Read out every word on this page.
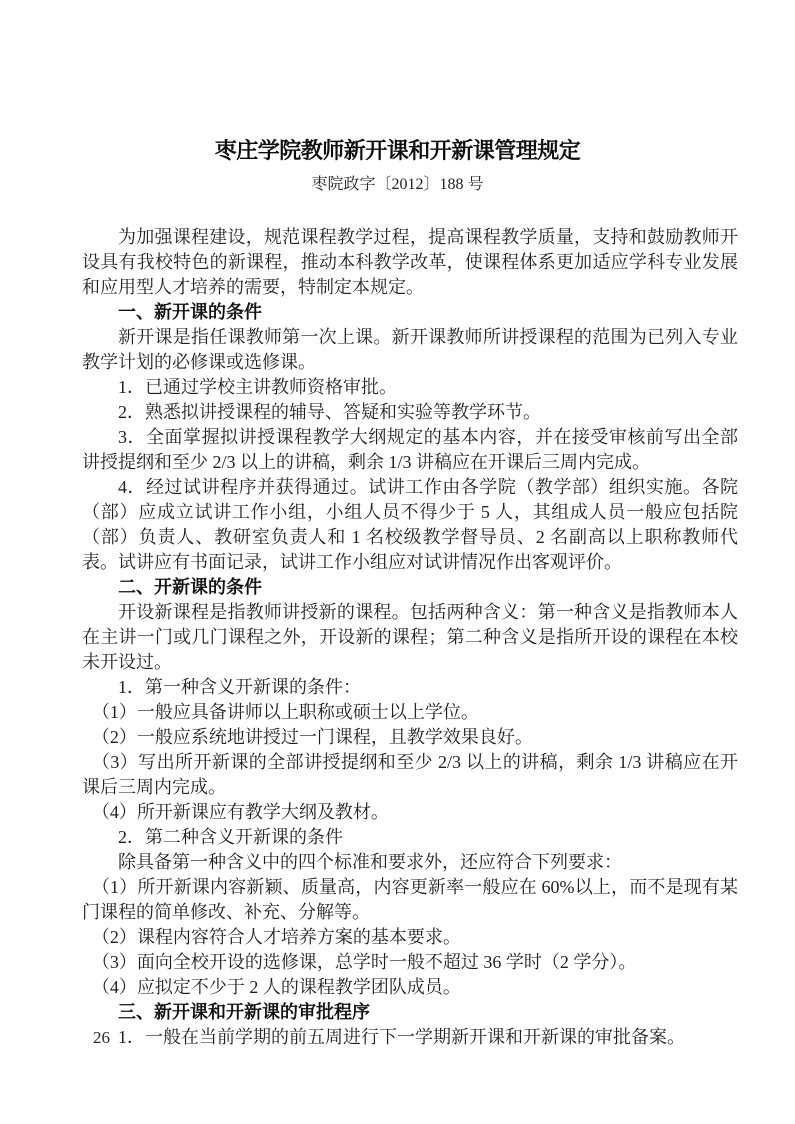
枣庄学院教师新开课和开新课管理规定
枣院政字〔2012〕188 号
为加强课程建设，规范课程教学过程，提高课程教学质量，支持和鼓励教师开设具有我校特色的新课程，推动本科教学改革，使课程体系更加适应学科专业发展和应用型人才培养的需要，特制定本规定。
一、新开课的条件
新开课是指任课教师第一次上课。新开课教师所讲授课程的范围为已列入专业教学计划的必修课或选修课。
1．已通过学校主讲教师资格审批。
2．熟悉拟讲授课程的辅导、答疑和实验等教学环节。
3．全面掌握拟讲授课程教学大纲规定的基本内容，并在接受审核前写出全部讲授提纲和至少 2/3 以上的讲稿，剩余 1/3 讲稿应在开课后三周内完成。
4．经过试讲程序并获得通过。试讲工作由各学院（教学部）组织实施。各院（部）应成立试讲工作小组，小组人员不得少于 5 人，其组成人员一般应包括院（部）负责人、教研室负责人和 1 名校级教学督导员、2 名副高以上职称教师代表。试讲应有书面记录，试讲工作小组应对试讲情况作出客观评价。
二、开新课的条件
开设新课程是指教师讲授新的课程。包括两种含义：第一种含义是指教师本人在主讲一门或几门课程之外，开设新的课程；第二种含义是指所开设的课程在本校未开设过。
1．第一种含义开新课的条件：
（1）一般应具备讲师以上职称或硕士以上学位。
（2）一般应系统地讲授过一门课程，且教学效果良好。
（3）写出所开新课的全部讲授提纲和至少 2/3 以上的讲稿，剩余 1/3 讲稿应在开课后三周内完成。
（4）所开新课应有教学大纲及教材。
2．第二种含义开新课的条件
除具备第一种含义中的四个标准和要求外，还应符合下列要求：
（1）所开新课内容新颖、质量高，内容更新率一般应在 60%以上，而不是现有某门课程的简单修改、补充、分解等。
（2）课程内容符合人才培养方案的基本要求。
（3）面向全校开设的选修课，总学时一般不超过 36 学时（2 学分）。
（4）应拟定不少于 2 人的课程教学团队成员。
三、新开课和开新课的审批程序
1．一般在当前学期的前五周进行下一学期新开课和开新课的审批备案。
26
